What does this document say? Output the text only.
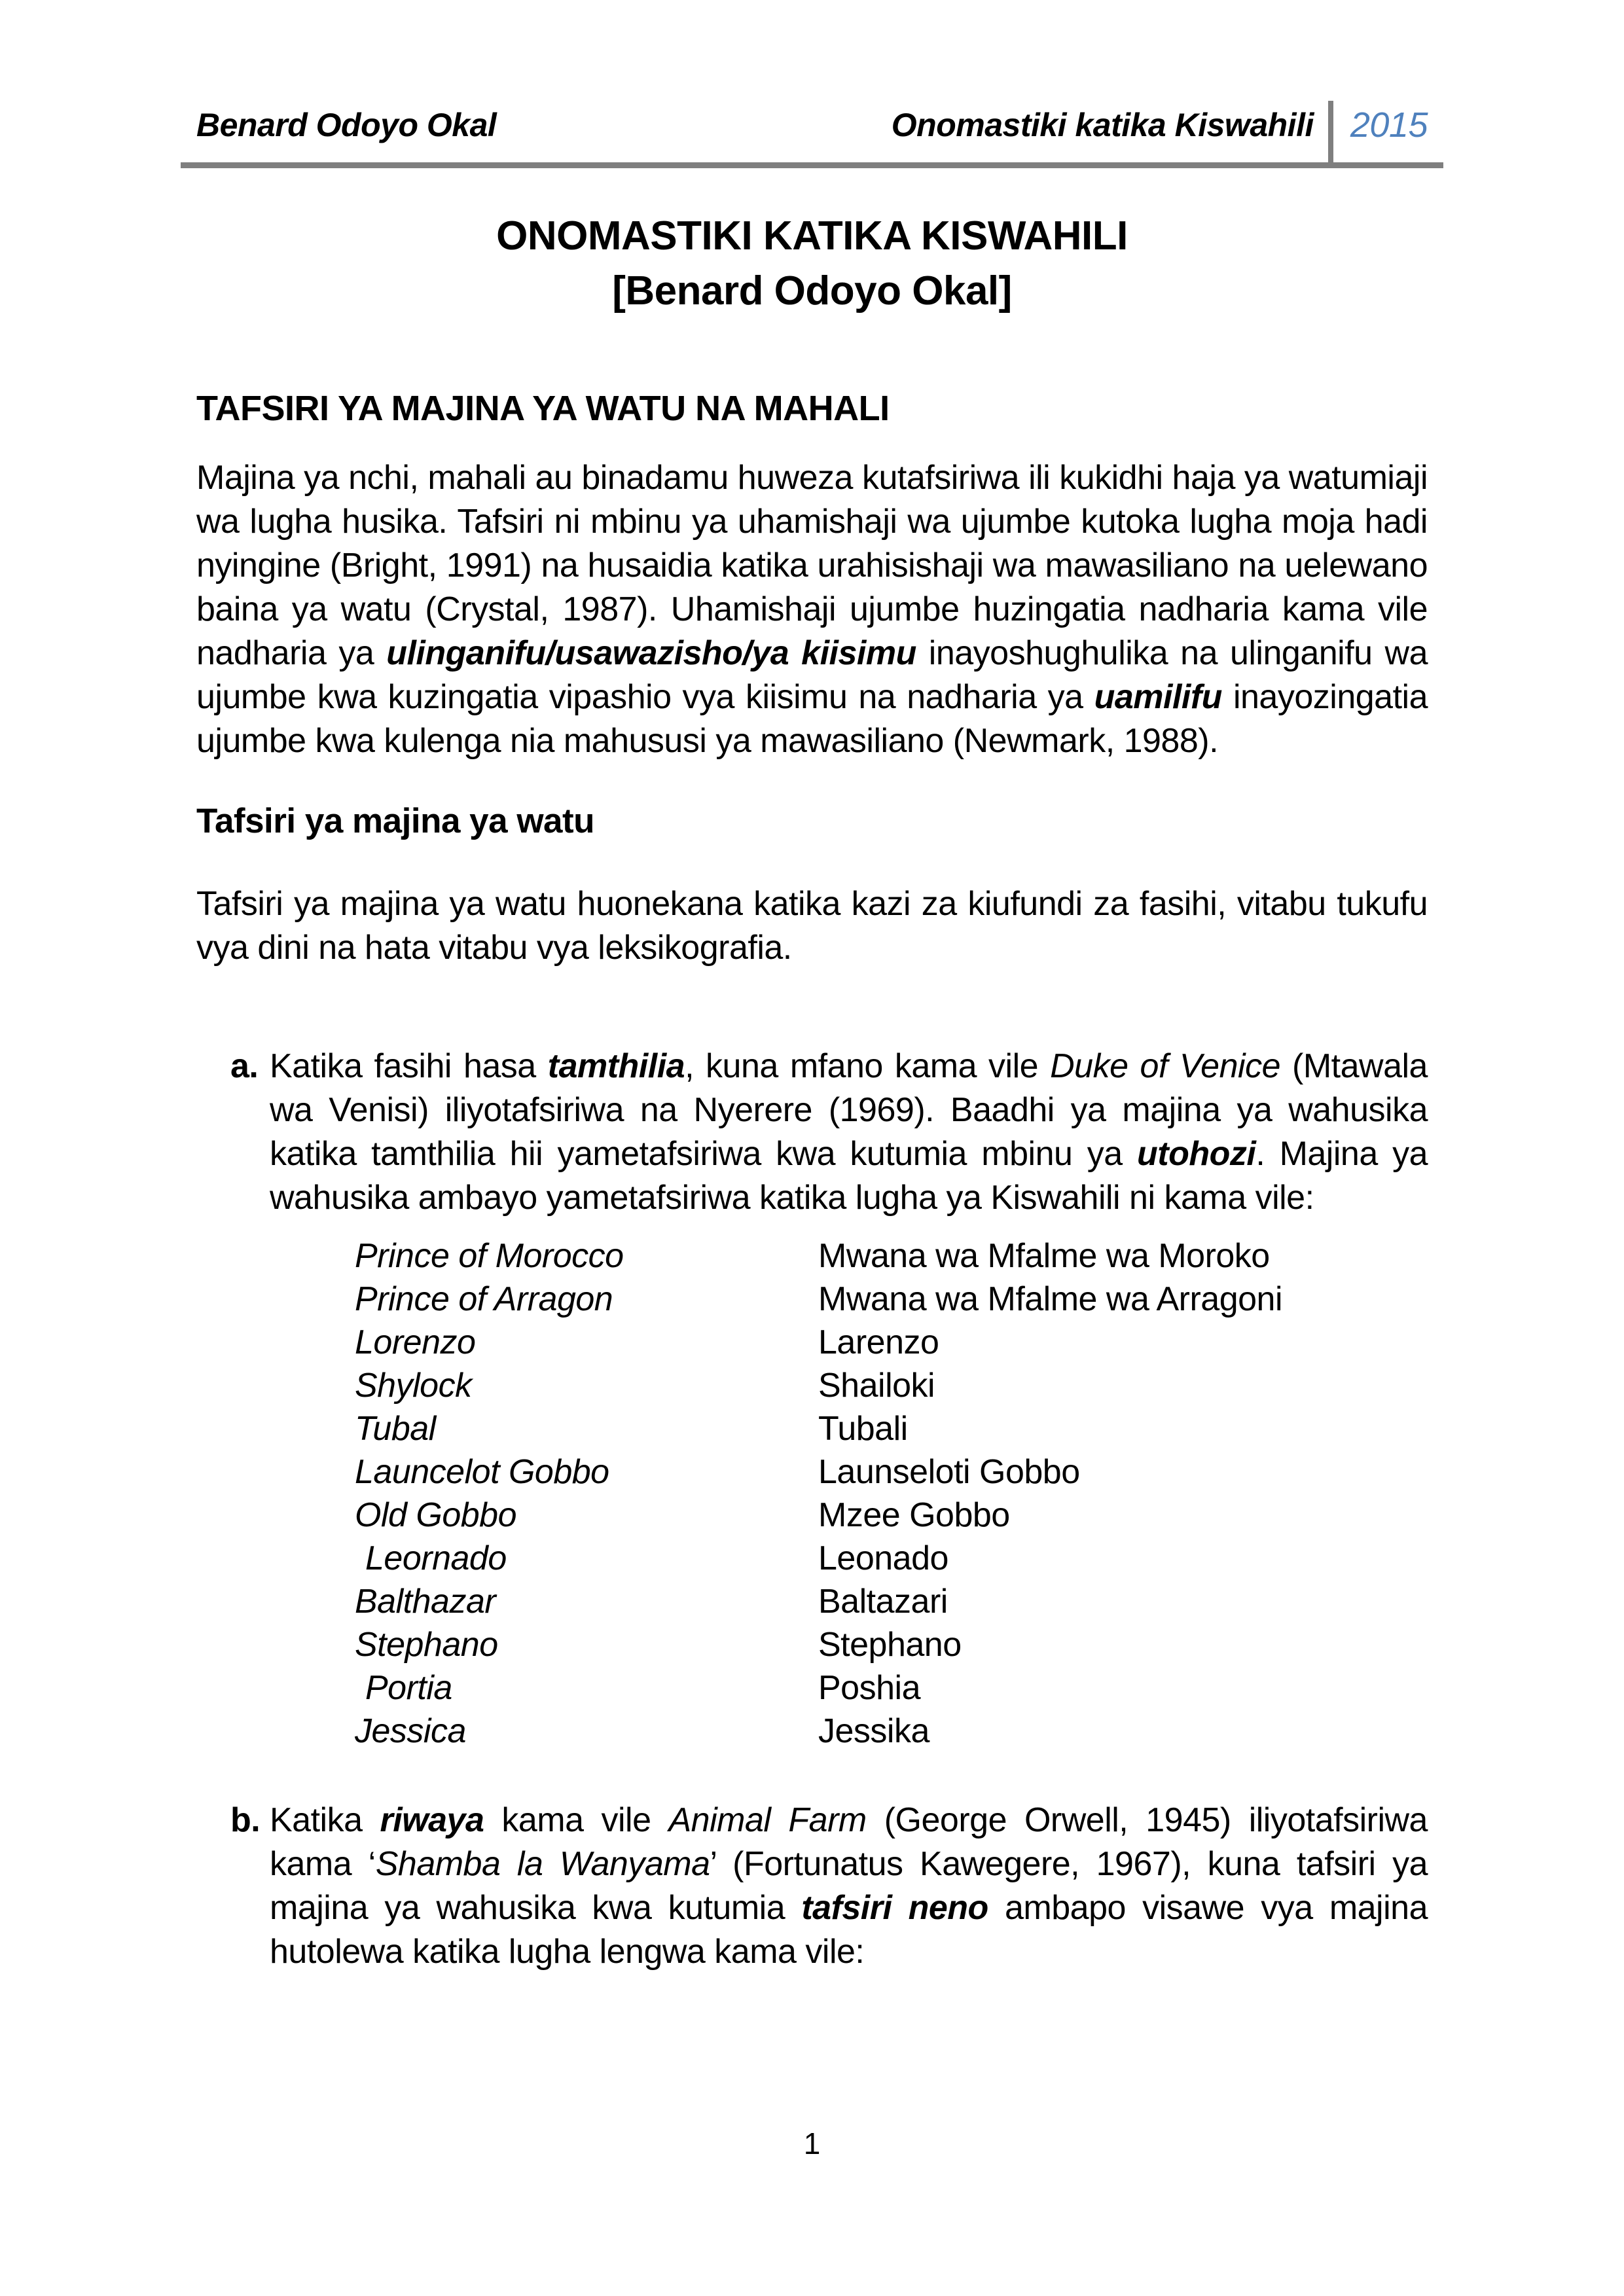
Benard Odoyo Okal	Onomastiki katika Kiswahili 2015
ONOMASTIKI KATIKA KISWAHILI
[Benard Odoyo Okal]
TAFSIRI YA MAJINA YA WATU NA MAHALI

Majina ya nchi, mahali au binadamu huweza kutafsiriwa ili kukidhi haja ya watumiaji wa lugha husika. Tafsiri ni mbinu ya uhamishaji wa ujumbe kutoka lugha moja hadi nyingine (Bright, 1991) na husaidia katika urahisishaji wa mawasiliano na uelewano baina ya watu (Crystal, 1987). Uhamishaji ujumbe huzingatia nadharia kama vile nadharia ya ulinganifu/usawazisho/ya kiisimu inayoshughulika na ulinganifu wa ujumbe kwa kuzingatia vipashio vya kiisimu na nadharia ya uamilifu inayozingatia ujumbe kwa kulenga nia mahususi ya mawasiliano (Newmark, 1988).

Tafsiri ya majina ya watu

Tafsiri ya majina ya watu huonekana katika kazi za kiufundi za fasihi, vitabu tukufu vya dini na hata vitabu vya leksikografia.

a. Katika fasihi hasa tamthilia, kuna mfano kama vile Duke of Venice (Mtawala wa Venisi) iliyotafsiriwa na Nyerere (1969). Baadhi ya majina ya wahusika katika tamthilia hii yametafsiriwa kwa kutumia mbinu ya utohozi. Majina ya wahusika ambayo yametafsiriwa katika lugha ya Kiswahili ni kama vile:
Prince of Morocco	Mwana wa Mfalme wa Moroko
Prince of Arragon	Mwana wa Mfalme wa Arragoni
Lorenzo	Larenzo
Shylock	Shailoki
Tubal	Tubali
Launcelot Gobbo	Launseloti Gobbo
Old Gobbo	Mzee Gobbo
Leornado	Leonado
Balthazar	Baltazari
Stephano	Stephano
Portia	Poshia
Jessica	Jessika
b. Katika riwaya kama vile Animal Farm (George Orwell, 1945) iliyotafsiriwa kama ‘Shamba la Wanyama’ (Fortunatus Kawegere, 1967), kuna tafsiri ya majina ya wahusika kwa kutumia tafsiri neno ambapo visawe vya majina hutolewa katika lugha lengwa kama vile:
1
